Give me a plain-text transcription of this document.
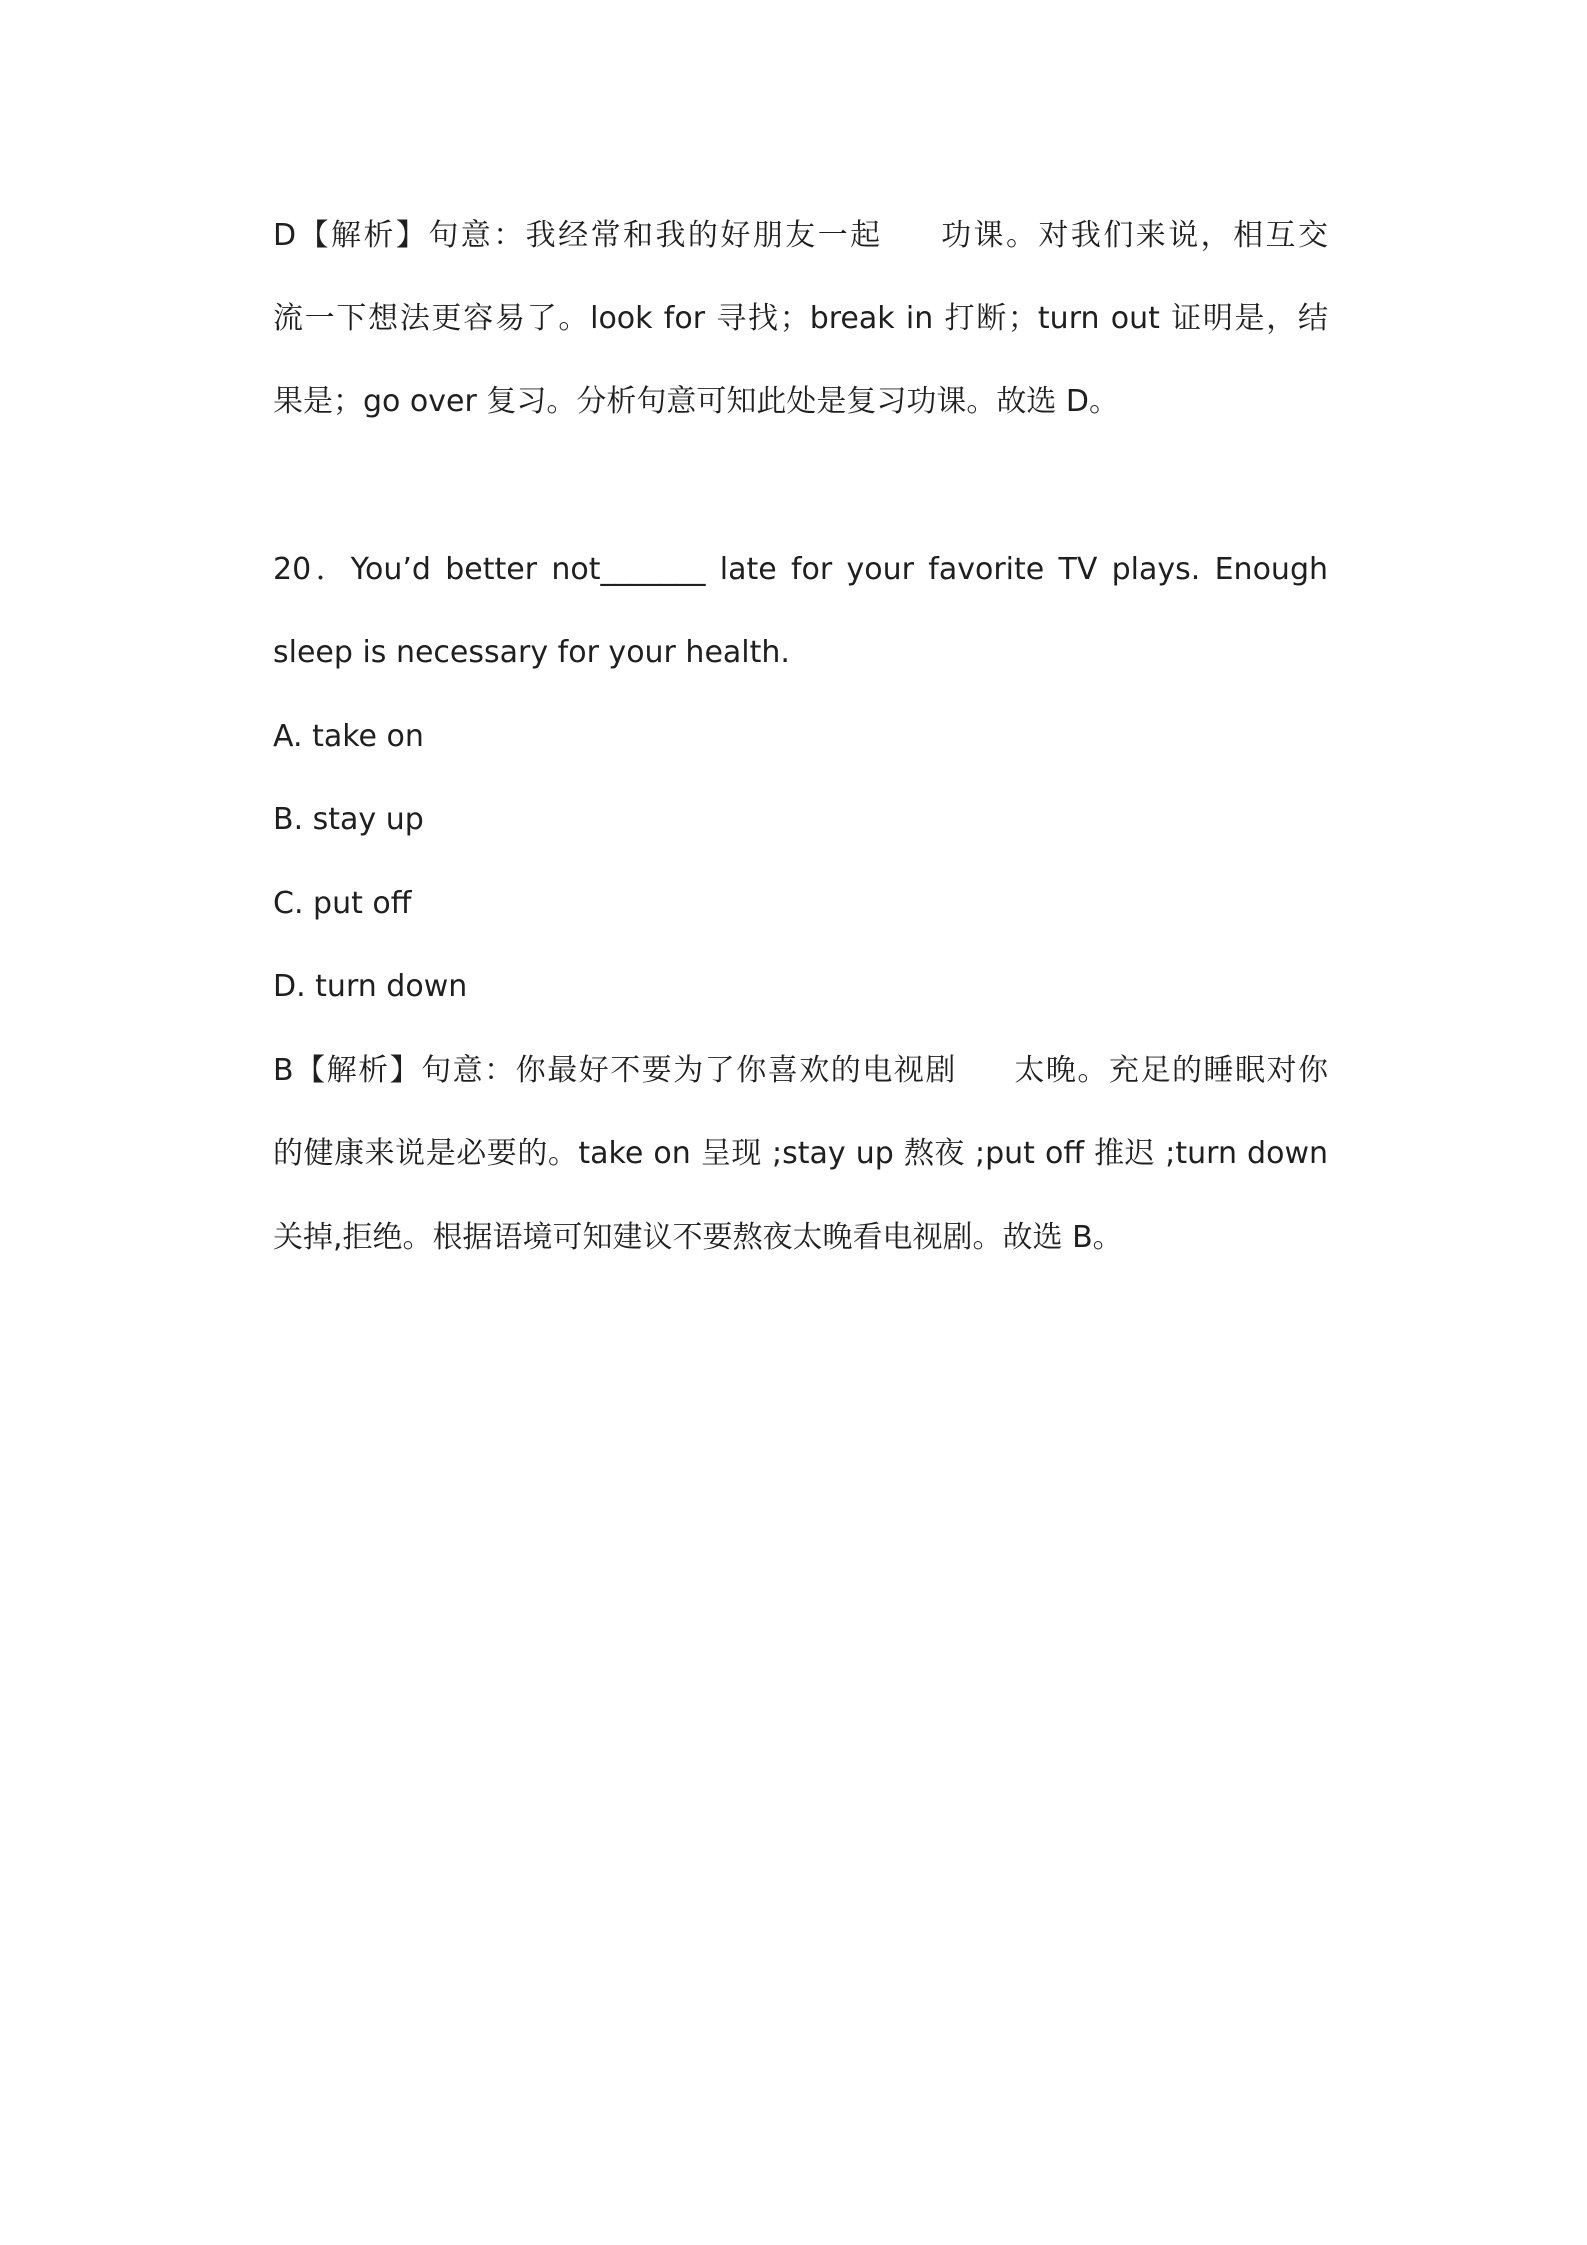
D【解析】句意：我经常和我的好朋友一起 功课。对我们来说，相互交
流一下想法更容易了。look for 寻找；break in 打断；turn out 证明是，结
果是；go over 复习。分析句意可知此处是复习功课。故选 D。
20．You’d better not_______ late for your favorite TV plays. Enough
sleep is necessary for your health.
A. take on
B. stay up
C. put off
D. turn down
B【解析】句意：你最好不要为了你喜欢的电视剧 太晚。充足的睡眠对你
的健康来说是必要的。take on 呈现 ;stay up 熬夜 ;put off 推迟 ;turn down
关掉,拒绝。根据语境可知建议不要熬夜太晚看电视剧。故选 B。
